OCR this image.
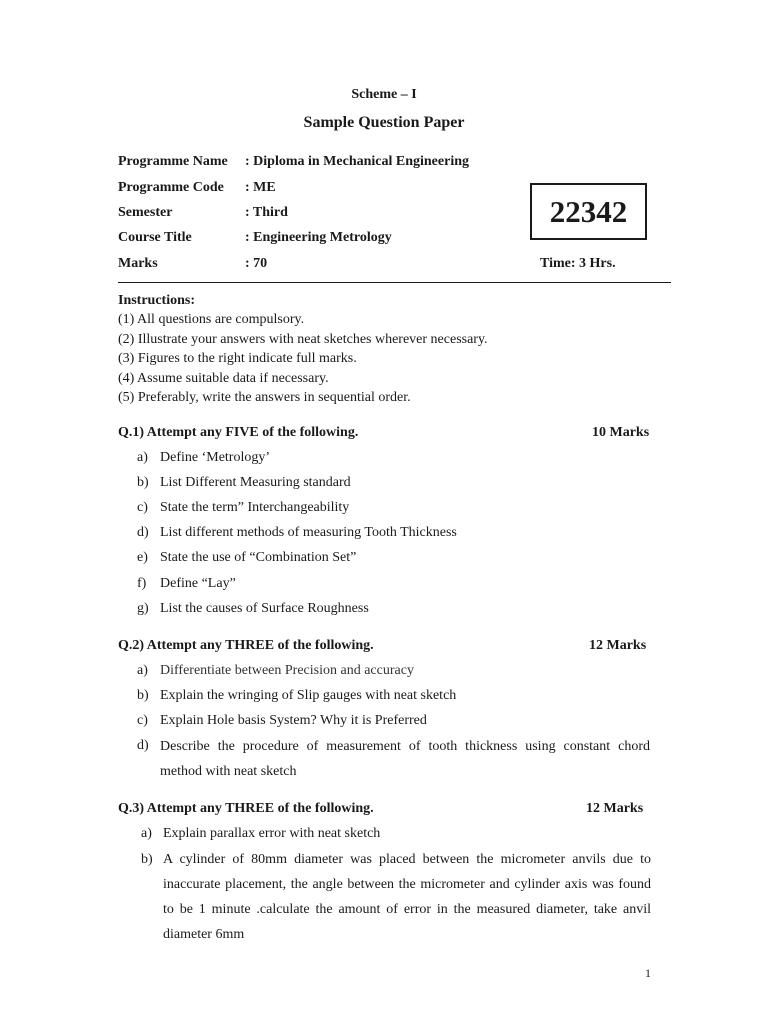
Scheme – I
Sample Question Paper
Programme Name : Diploma in Mechanical Engineering
Programme Code : ME
Semester	: Third
Course Title	: Engineering Metrology
Marks	: 70
22342
Time: 3 Hrs.
Instructions:
(1) All questions are compulsory.
(2) Illustrate your answers with neat sketches wherever necessary.
(3) Figures to the right indicate full marks.
(4) Assume suitable data if necessary.
(5) Preferably, write the answers in sequential order.
Q.1) Attempt any FIVE of the following.	10 Marks
a) Define ‘Metrology’
b) List Different Measuring standard
c) State the term” Interchangeability
d) List different methods of measuring Tooth Thickness
e) State the use of “Combination Set”
f) Define “Lay”
g) List the causes of Surface Roughness
Q.2) Attempt any THREE of the following.	12 Marks
a) Differentiate between Precision and accuracy
b) Explain the wringing of Slip gauges with neat sketch
c) Explain Hole basis System? Why it is Preferred
d) Describe the procedure of measurement of tooth thickness using constant chord method with neat sketch
Q.3) Attempt any THREE of the following.	12 Marks
a) Explain parallax error with neat sketch
b) A cylinder of 80mm diameter was placed between the micrometer anvils due to inaccurate placement, the angle between the micrometer and cylinder axis was found to be 1 minute .calculate the amount of error in the measured diameter, take anvil diameter 6mm
1
